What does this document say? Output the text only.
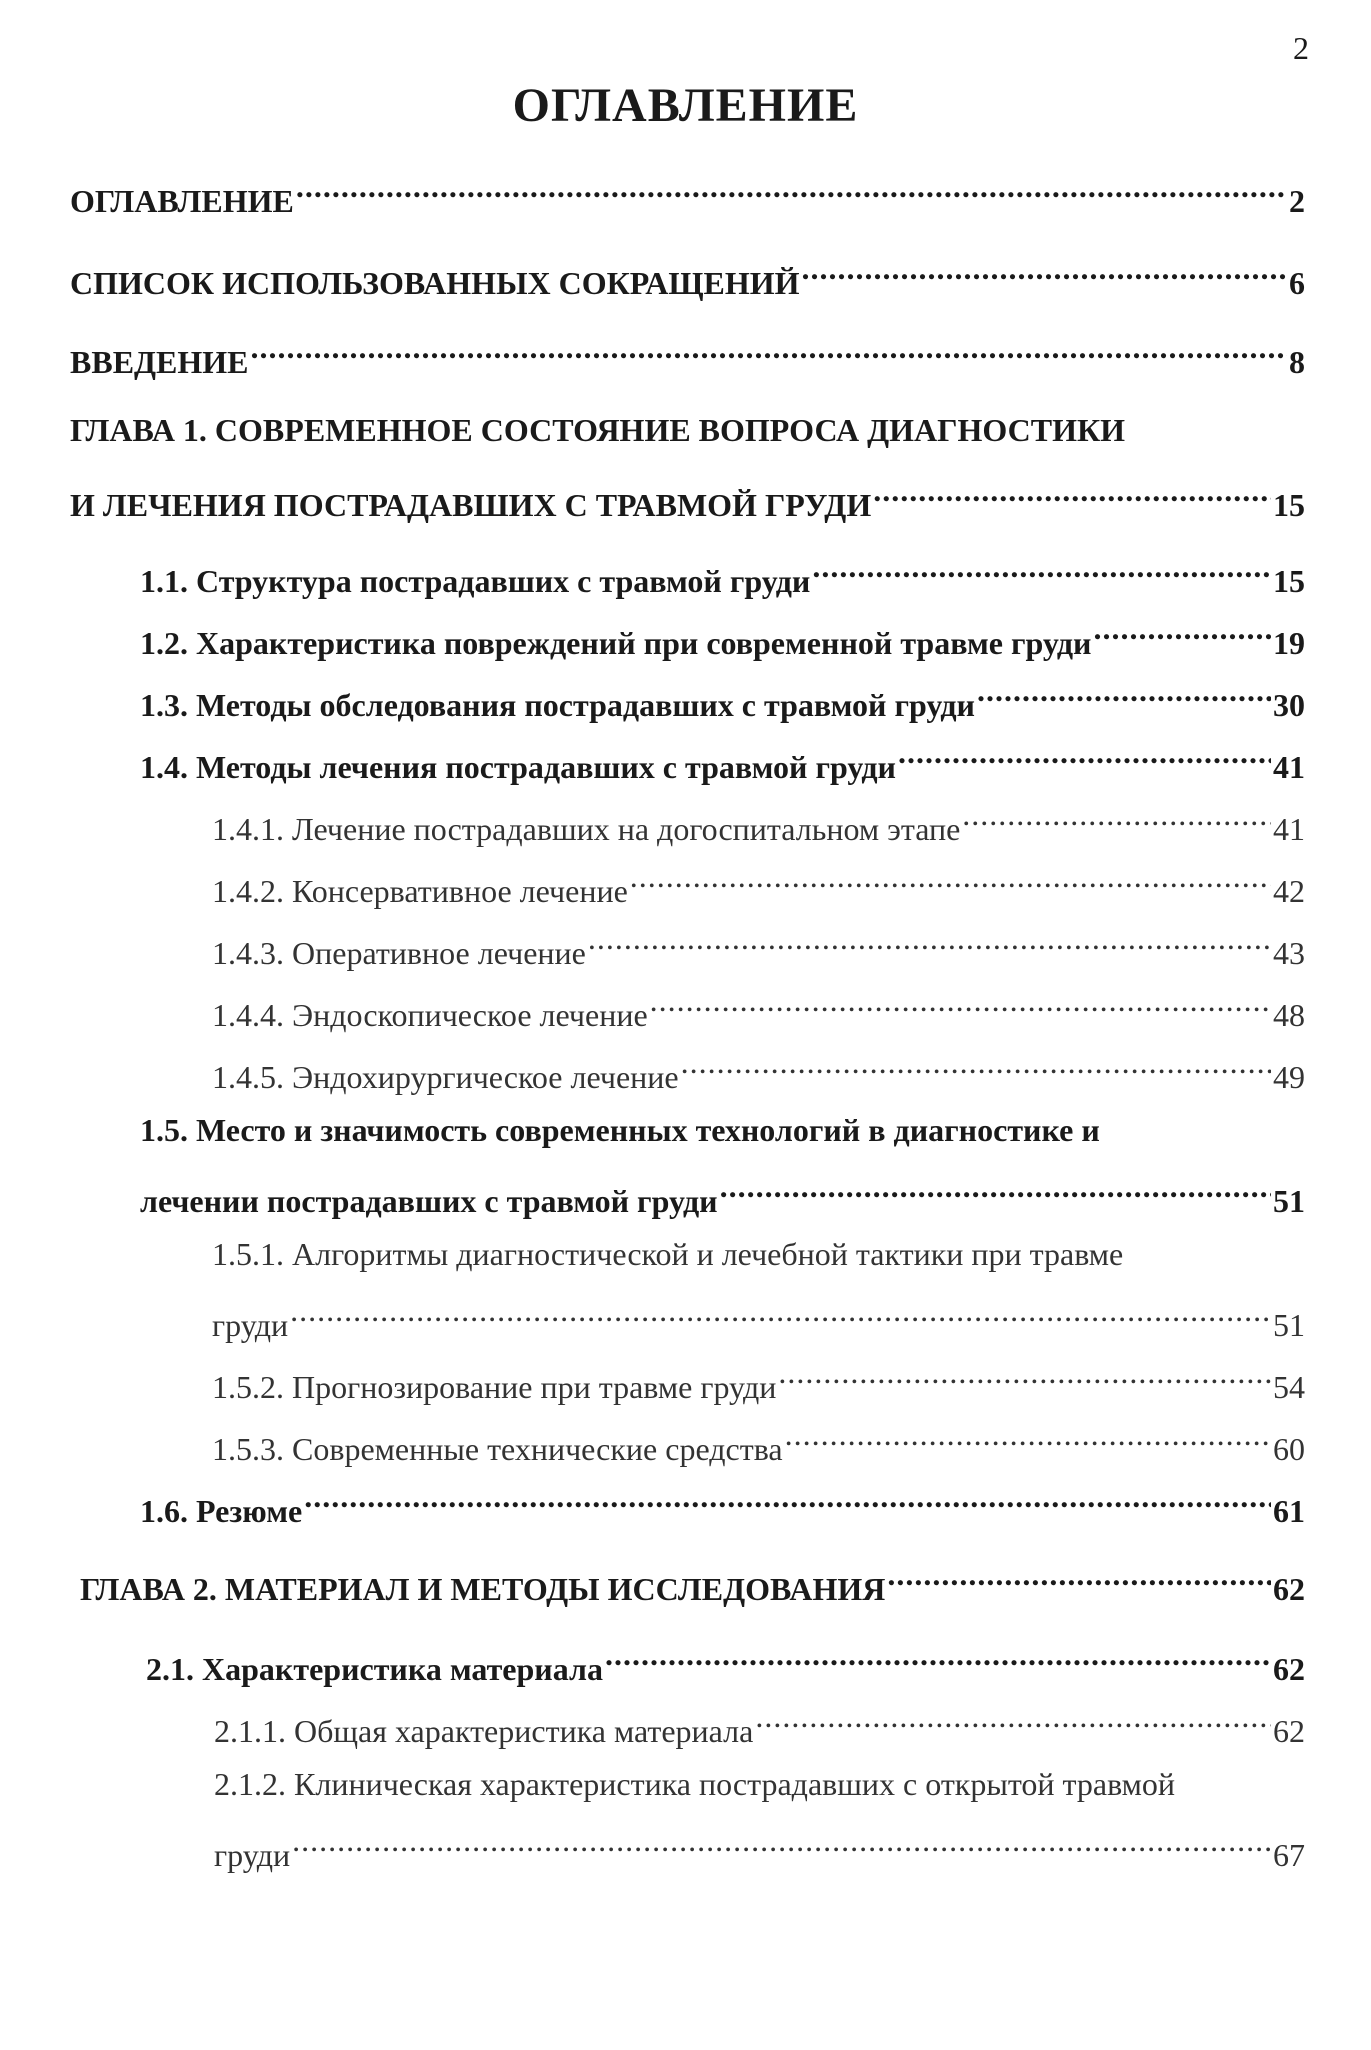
2
ОГЛАВЛЕНИЕ
ОГЛАВЛЕНИЕ .....	2
СПИСОК ИСПОЛЬЗОВАННЫХ СОКРАЩЕНИЙ .....	6
ВВЕДЕНИЕ .....	8
ГЛАВА 1. СОВРЕМЕННОЕ СОСТОЯНИЕ ВОПРОСА ДИАГНОСТИКИ
И ЛЕЧЕНИЯ ПОСТРАДАВШИХ С ТРАВМОЙ ГРУДИ .....	15
1.1. Структура пострадавших с травмой груди .....	15
1.2. Характеристика повреждений при современной травме груди .....	19
1.3. Методы обследования пострадавших с травмой груди .....	30
1.4. Методы лечения пострадавших с травмой груди .....	41
1.4.1. Лечение пострадавших на догоспитальном этапе .....	41
1.4.2. Консервативное лечение .....	42
1.4.3. Оперативное лечение .....	43
1.4.4. Эндоскопическое лечение .....	48
1.4.5. Эндохирургическое лечение .....	49
1.5. Место и значимость современных технологий в диагностике и
лечении пострадавших с травмой груди .....	51
1.5.1. Алгоритмы диагностической и лечебной тактики при травме
груди .....	51
1.5.2. Прогнозирование при травме груди .....	54
1.5.3. Современные технические средства .....	60
1.6. Резюме .....	61
ГЛАВА 2. МАТЕРИАЛ И МЕТОДЫ ИССЛЕДОВАНИЯ .....	62
2.1. Характеристика материала .....	62
2.1.1. Общая характеристика материала .....	62
2.1.2. Клиническая характеристика пострадавших с открытой травмой
груди .....	67
